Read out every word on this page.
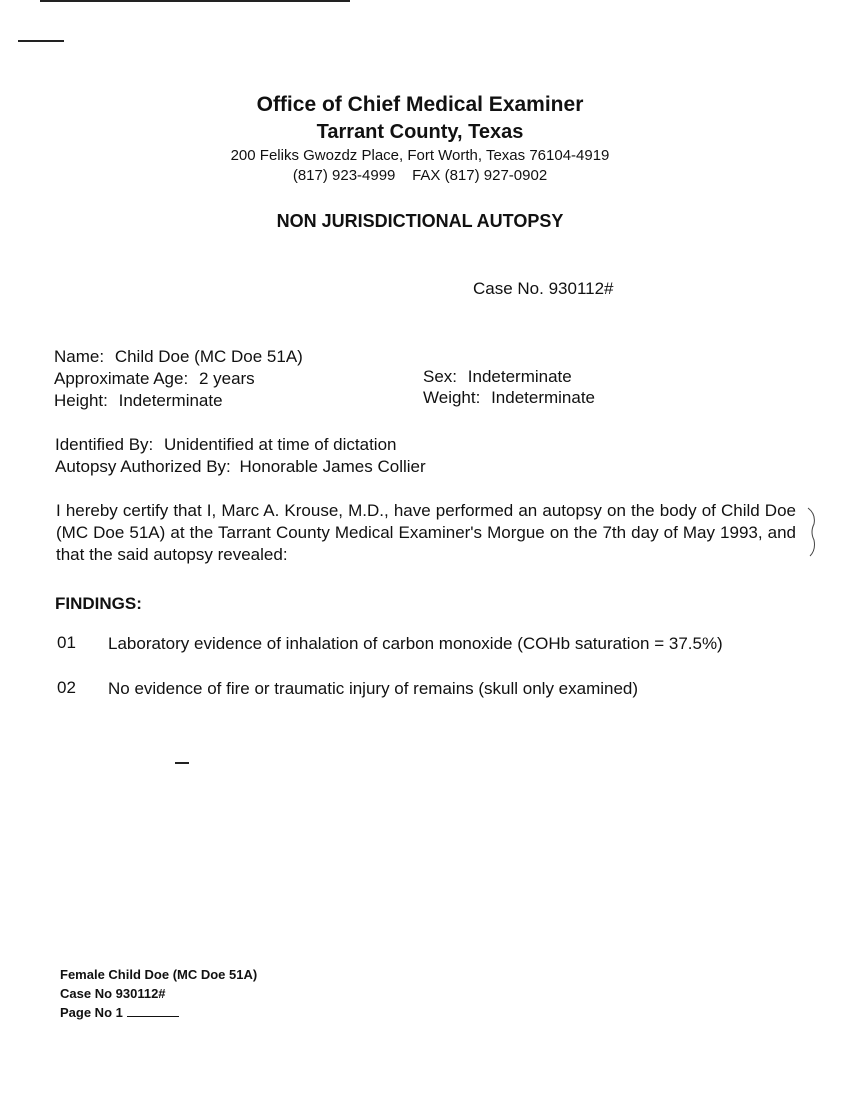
Office of Chief Medical Examiner
Tarrant County, Texas
200 Feliks Gwozdz Place, Fort Worth, Texas 76104-4919
(817) 923-4999    FAX (817) 927-0902
NON JURISDICTIONAL AUTOPSY
Case No. 930112#
Name: Child Doe (MC Doe 51A)
Approximate Age: 2 years
Height: Indeterminate
Sex: Indeterminate
Weight: Indeterminate
Identified By: Unidentified at time of dictation
Autopsy Authorized By: Honorable James Collier
I hereby certify that I, Marc A. Krouse, M.D., have performed an autopsy on the body of Child Doe (MC Doe 51A) at the Tarrant County Medical Examiner's Morgue on the 7th day of May 1993, and that the said autopsy revealed:
FINDINGS:
01	Laboratory evidence of inhalation of carbon monoxide (COHb saturation = 37.5%)
02	No evidence of fire or traumatic injury of remains (skull only examined)
Female Child Doe (MC Doe 51A)
Case No 930112#
Page No 1
